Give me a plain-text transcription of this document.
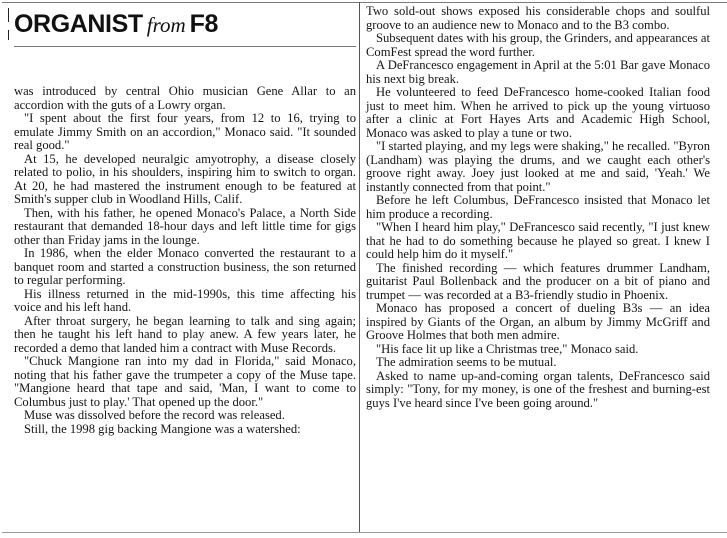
ORGANIST from F8

was introduced by central Ohio musician Gene Allar to an accordion with the guts of a Lowry organ.

"I spent about the first four years, from 12 to 16, trying to emulate Jimmy Smith on an accordion," Monaco said. "It sounded real good."

At 15, he developed neuralgic amyotrophy, a disease closely related to polio, in his shoulders, inspiring him to switch to organ. At 20, he had mastered the instrument enough to be featured at Smith's supper club in Woodland Hills, Calif.

Then, with his father, he opened Monaco's Palace, a North Side restaurant that demanded 18-hour days and left little time for gigs other than Friday jams in the lounge.

In 1986, when the elder Monaco converted the restaurant to a banquet room and started a construction business, the son returned to regular performing.

His illness returned in the mid-1990s, this time affecting his voice and his left hand.

After throat surgery, he began learning to talk and sing again; then he taught his left hand to play anew. A few years later, he recorded a demo that landed him a contract with Muse Records.

"Chuck Mangione ran into my dad in Florida," said Monaco, noting that his father gave the trumpeter a copy of the Muse tape. "Mangione heard that tape and said, 'Man, I want to come to Columbus just to play.' That opened up the door."

Muse was dissolved before the record was released.

Still, the 1998 gig backing Mangione was a watershed:

Two sold-out shows exposed his considerable chops and soulful groove to an audience new to Monaco and to the B3 combo.

Subsequent dates with his group, the Grinders, and appearances at ComFest spread the word further.

A DeFrancesco engagement in April at the 5:01 Bar gave Monaco his next big break.

He volunteered to feed DeFrancesco home-cooked Italian food just to meet him. When he arrived to pick up the young virtuoso after a clinic at Fort Hayes Arts and Academic High School, Monaco was asked to play a tune or two.

"I started playing, and my legs were shaking," he recalled. "Byron (Landham) was playing the drums, and we caught each other's groove right away. Joey just looked at me and said, 'Yeah.' We instantly connected from that point."

Before he left Columbus, DeFrancesco insisted that Monaco let him produce a recording.

"When I heard him play," DeFrancesco said recently, "I just knew that he had to do something because he played so great. I knew I could help him do it myself."

The finished recording — which features drummer Landham, guitarist Paul Bollenback and the producer on a bit of piano and trumpet — was recorded at a B3-friendly studio in Phoenix.

Monaco has proposed a concert of dueling B3s — an idea inspired by Giants of the Organ, an album by Jimmy McGriff and Groove Holmes that both men admire.

"His face lit up like a Christmas tree," Monaco said.

The admiration seems to be mutual.

Asked to name up-and-coming organ talents, DeFrancesco said simply: "Tony, for my money, is one of the freshest and burning-est guys I've heard since I've been going around."
